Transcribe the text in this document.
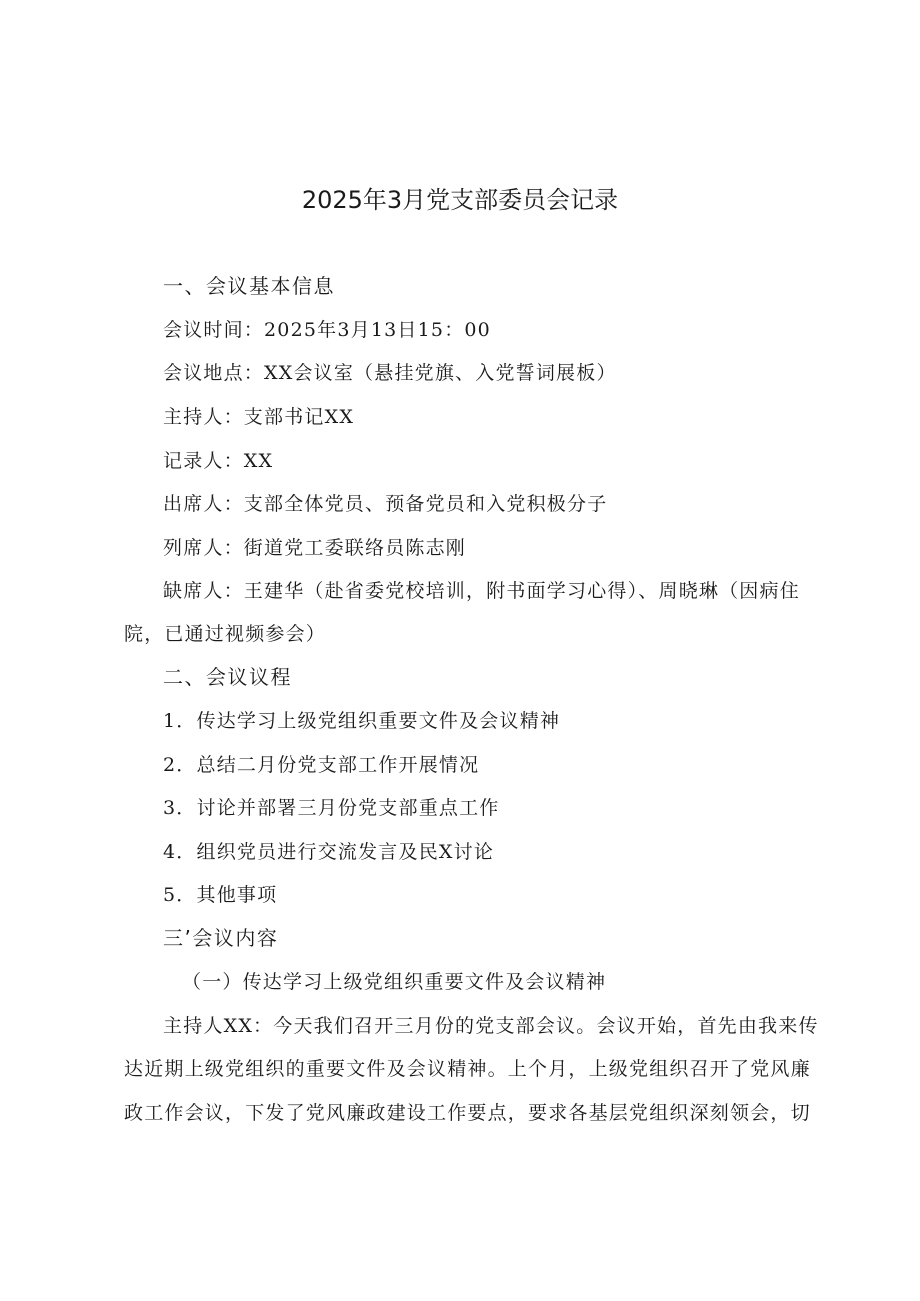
2025年3月党支部委员会记录
一、会议基本信息
会议时间：2025年3月13日15：00
会议地点：XX会议室（悬挂党旗、入党誓词展板）
主持人：支部书记XX
记录人：XX
出席人：支部全体党员、预备党员和入党积极分子
列席人：街道党工委联络员陈志刚
缺席人：王建华（赴省委党校培训，附书面学习心得）、周晓琳（因病住
院，已通过视频参会）
二、会议议程
1．传达学习上级党组织重要文件及会议精神
2．总结二月份党支部工作开展情况
3．讨论并部署三月份党支部重点工作
4．组织党员进行交流发言及民X讨论
5．其他事项
三’会议内容
（一）传达学习上级党组织重要文件及会议精神
主持人XX：今天我们召开三月份的党支部会议。会议开始，首先由我来传
达近期上级党组织的重要文件及会议精神。上个月，上级党组织召开了党风廉
政工作会议，下发了党风廉政建设工作要点，要求各基层党组织深刻领会，切
